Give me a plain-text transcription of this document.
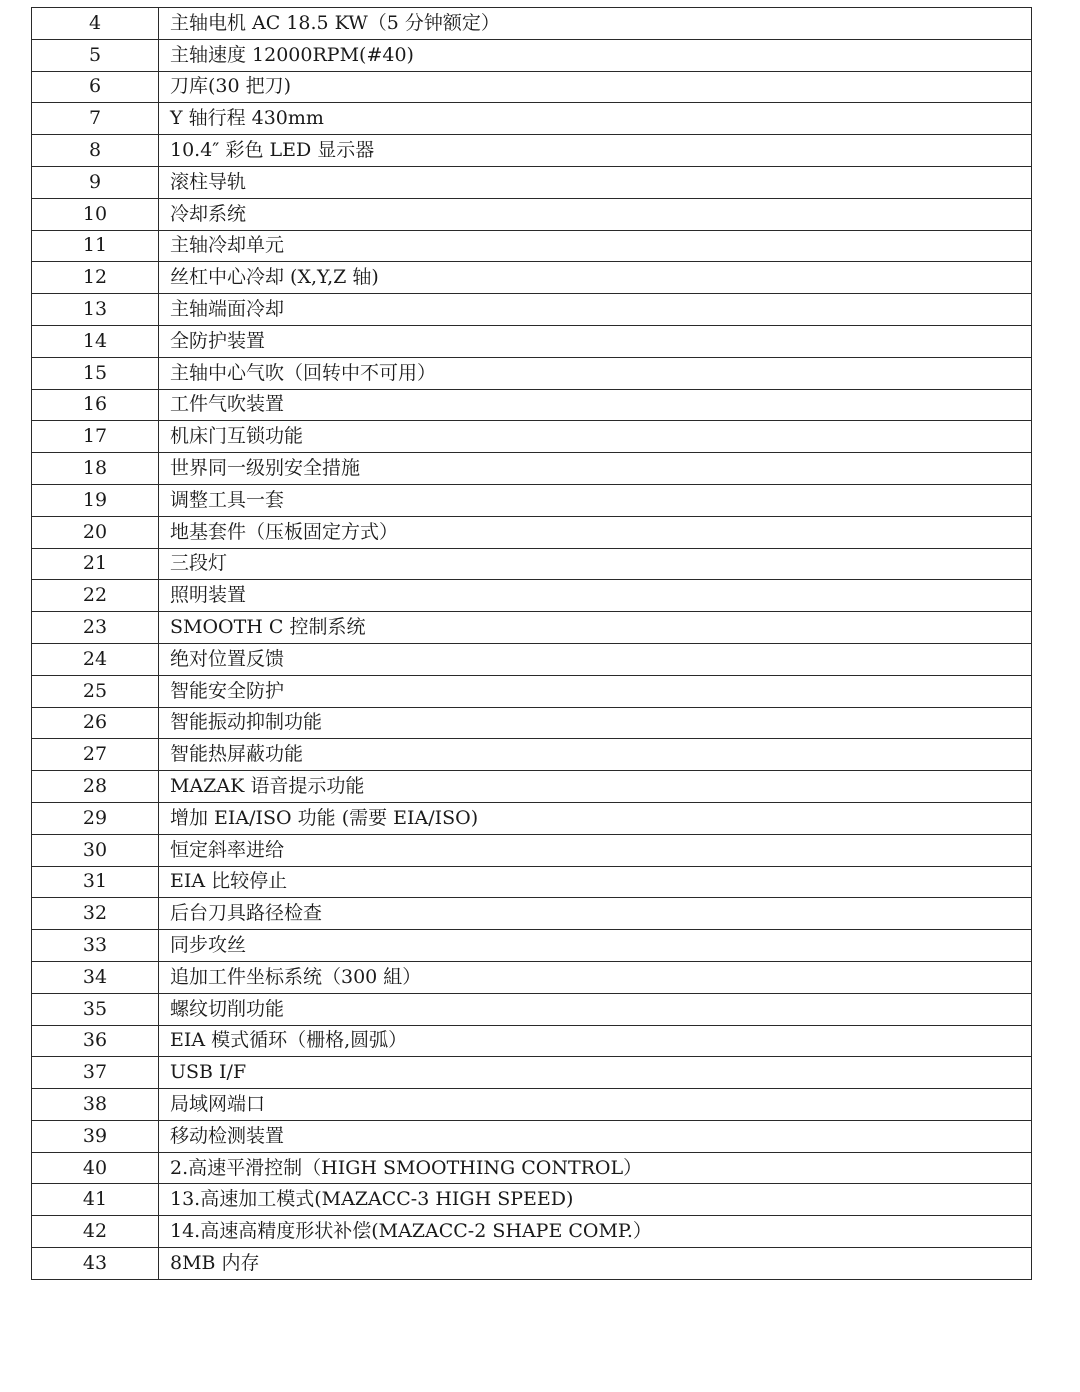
4	主轴电机 AC 18.5 KW（5 分钟额定）
5	主轴速度 12000RPM(#40)
6	刀库(30 把刀)
7	Y 轴行程 430mm
8	10.4″ 彩色 LED 显示器
9	滚柱导轨
10	冷却系统
11	主轴冷却单元
12	丝杠中心冷却 (X,Y,Z 轴)
13	主轴端面冷却
14	全防护装置
15	主轴中心气吹（回转中不可用）
16	工件气吹装置
17	机床门互锁功能
18	世界同一级别安全措施
19	调整工具一套
20	地基套件（压板固定方式）
21	三段灯
22	照明装置
23	SMOOTH C 控制系统
24	绝对位置反馈
25	智能安全防护
26	智能振动抑制功能
27	智能热屏蔽功能
28	MAZAK 语音提示功能
29	增加 EIA/ISO 功能 (需要 EIA/ISO)
30	恒定斜率进给
31	EIA 比较停止
32	后台刀具路径检查
33	同步攻丝
34	追加工件坐标系统（300 組）
35	螺纹切削功能
36	EIA 模式循环（栅格,圆弧）
37	USB I/F
38	局域网端口
39	移动检测装置
40	2.高速平滑控制（HIGH SMOOTHING CONTROL）
41	13.高速加工模式(MAZACC-3 HIGH SPEED)
42	14.高速高精度形状补偿(MAZACC-2 SHAPE COMP.）
43	8MB 内存
